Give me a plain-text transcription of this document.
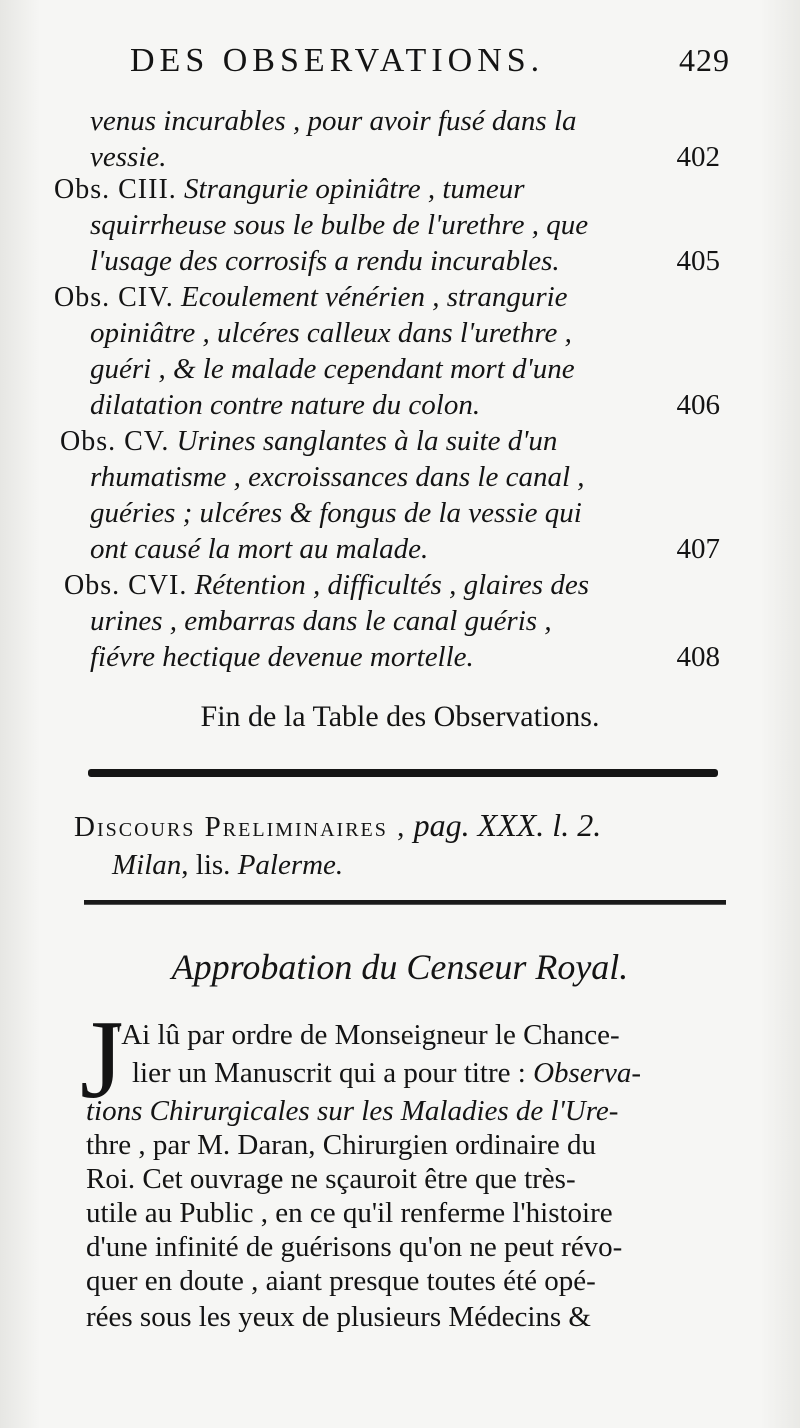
DES OBSERVATIONS.	429
venus incurables , pour avoir fusé dans la
vessie.	402
Obs. CIII. Strangurie opiniâtre , tumeur
squirrheuse sous le bulbe de l'urethre , que
l'usage des corrosifs a rendu incurables.	405
Obs. CIV. Ecoulement vénérien , strangurie
opiniâtre , ulcéres calleux dans l'urethre ,
guéri , & le malade cependant mort d'une
dilatation contre nature du colon.	406
Obs. CV. Urines sanglantes à la suite d'un
rhumatisme , excroissances dans le canal ,
guéries ; ulcéres & fongus de la vessie qui
ont causé la mort au malade.	407
Obs. CVI. Rétention , difficultés , glaires des
urines , embarras dans le canal guéris ,
fiévre hectique devenue mortelle.	408
Fin de la Table des Observations.
Discours Preliminaires , pag. XXX. l. 2.
Milan, lis. Palerme.
Approbation du Censeur Royal.
J
'Ai lû par ordre de Monseigneur le Chance-
lier un Manuscrit qui a pour titre : Observa-
tions Chirurgicales sur les Maladies de l'Ure-
thre , par M. Daran, Chirurgien ordinaire du
Roi. Cet ouvrage ne sçauroit être que très-
utile au Public , en ce qu'il renferme l'histoire
d'une infinité de guérisons qu'on ne peut révo-
quer en doute , aiant presque toutes été opé-
rées sous les yeux de plusieurs Médecins &
